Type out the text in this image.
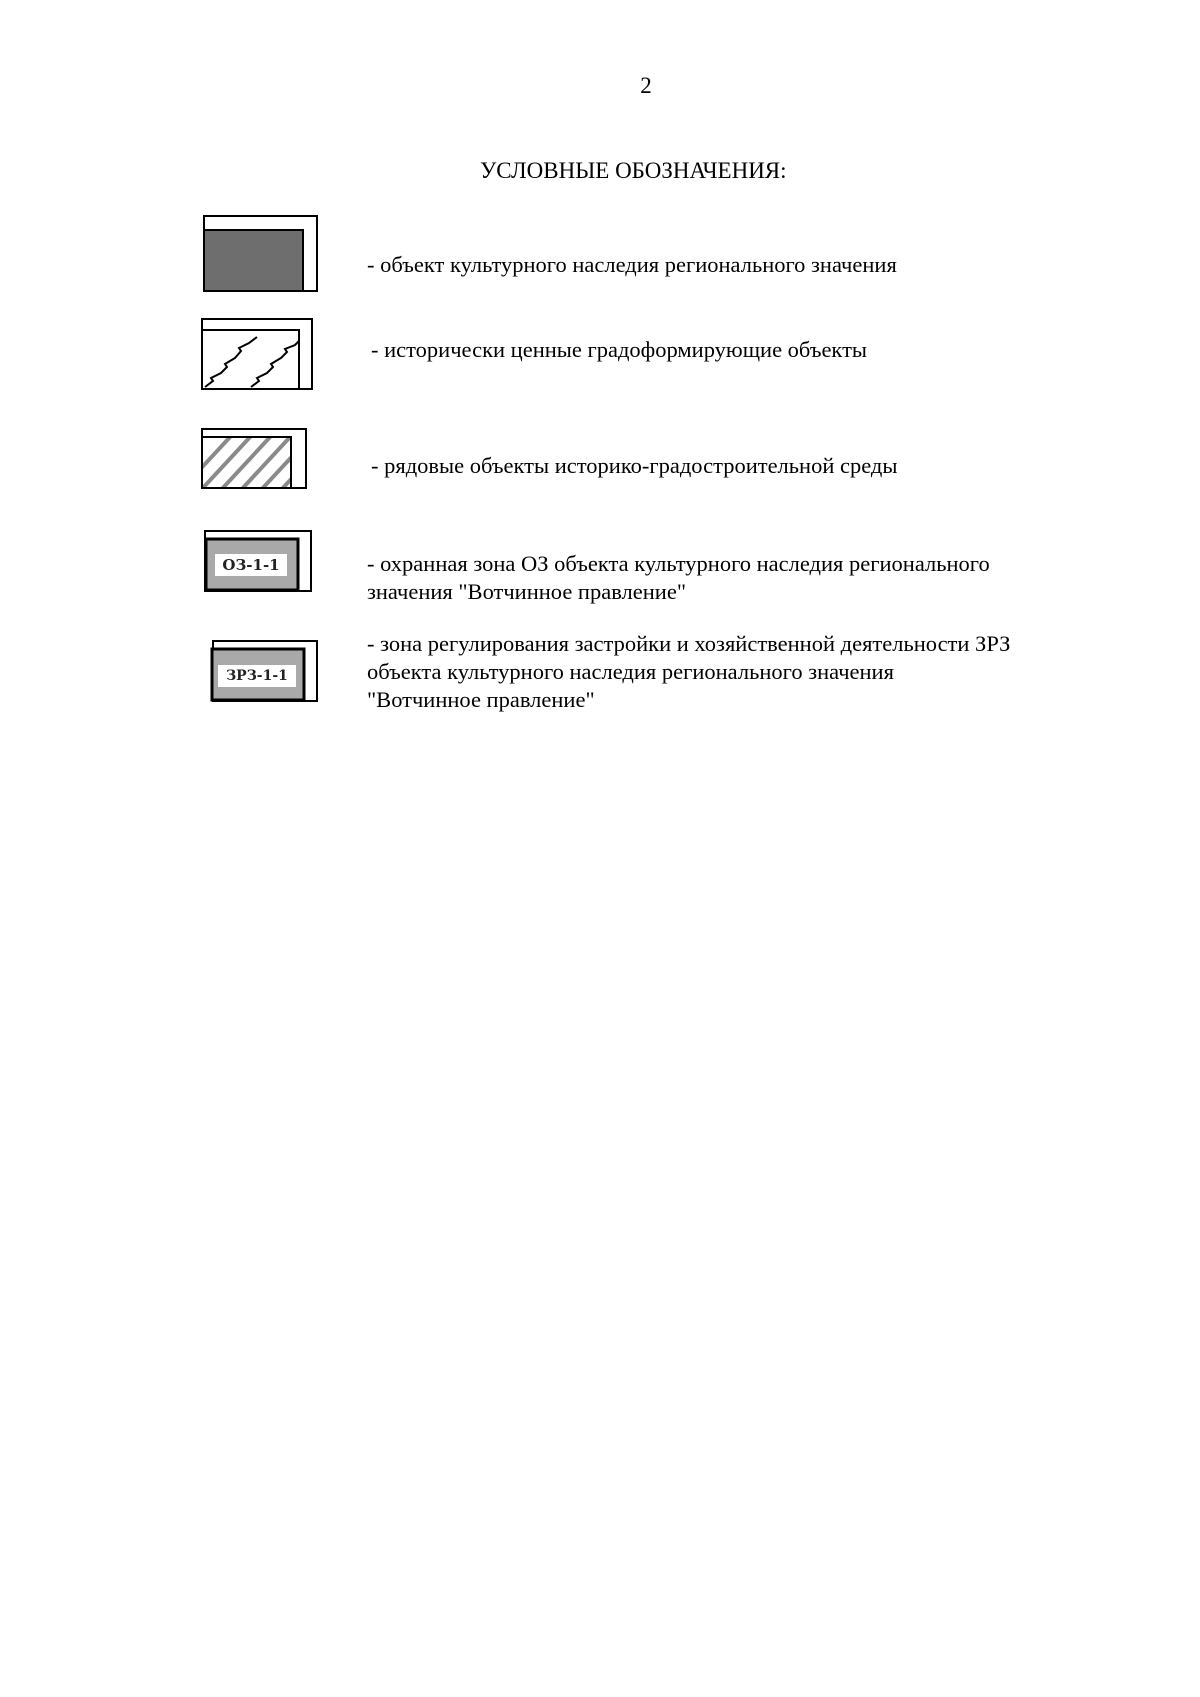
2
УСЛОВНЫЕ ОБОЗНАЧЕНИЯ:
- объект культурного наследия регионального значения
- исторически ценные градоформирующие объекты
- рядовые объекты историко-градостроительной среды
ОЗ-1-1	- охранная зона ОЗ объекта культурного наследия регионального
значения "Вотчинное правление"
ЗРЗ-1-1
- зона регулирования застройки и хозяйственной деятельности ЗРЗ
объекта культурного наследия регионального значения
"Вотчинное правление"
